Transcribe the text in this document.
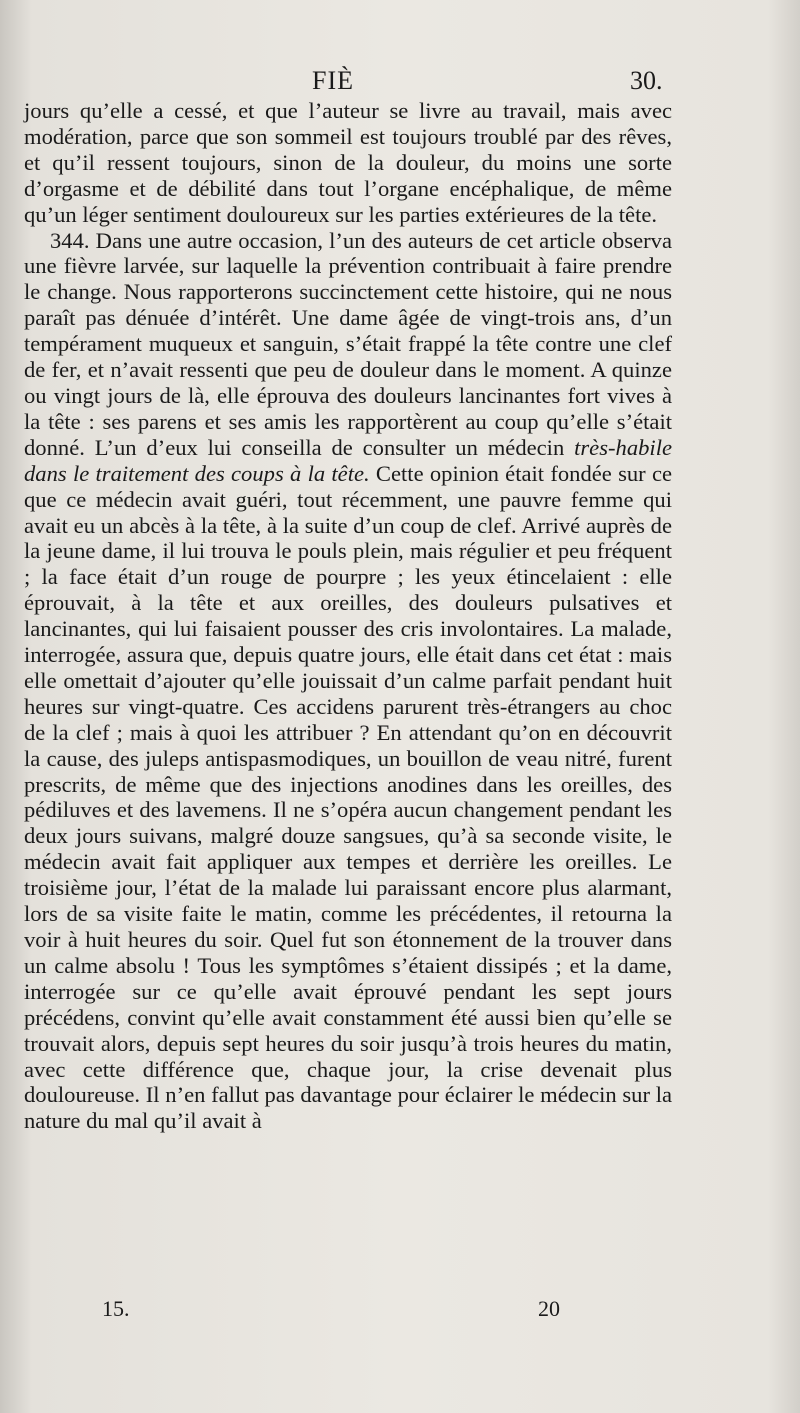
FIÈ	30.

jours qu’elle a cessé, et que l’auteur se livre au travail, mais avec modération, parce que son sommeil est toujours troublé par des rêves, et qu’il ressent toujours, sinon de la douleur, du moins une sorte d’orgasme et de débilité dans tout l’organe encéphalique, de même qu’un léger sentiment douloureux sur les parties extérieures de la tête.

344. Dans une autre occasion, l’un des auteurs de cet article observa une fièvre larvée, sur laquelle la prévention contribuait à faire prendre le change. Nous rapporterons succinctement cette histoire, qui ne nous paraît pas dénuée d’intérêt. Une dame âgée de vingt-trois ans, d’un tempérament muqueux et sanguin, s’était frappé la tête contre une clef de fer, et n’avait ressenti que peu de douleur dans le moment. A quinze ou vingt jours de là, elle éprouva des douleurs lancinantes fort vives à la tête : ses parens et ses amis les rapportèrent au coup qu’elle s’était donné. L’un d’eux lui conseilla de consulter un médecin très-habile dans le traitement des coups à la tête. Cette opinion était fondée sur ce que ce médecin avait guéri, tout récemment, une pauvre femme qui avait eu un abcès à la tête, à la suite d’un coup de clef. Arrivé auprès de la jeune dame, il lui trouva le pouls plein, mais régulier et peu fréquent ; la face était d’un rouge de pourpre ; les yeux étincelaient : elle éprouvait, à la tête et aux oreilles, des douleurs pulsatives et lancinantes, qui lui faisaient pousser des cris involontaires. La malade, interrogée, assura que, depuis quatre jours, elle était dans cet état : mais elle omettait d’ajouter qu’elle jouissait d’un calme parfait pendant huit heures sur vingt-quatre. Ces accidens parurent très-étrangers au choc de la clef ; mais à quoi les attribuer ? En attendant qu’on en découvrit la cause, des juleps antispasmodiques, un bouillon de veau nitré, furent prescrits, de même que des injections anodines dans les oreilles, des pédiluves et des lavemens. Il ne s’opéra aucun changement pendant les deux jours suivans, malgré douze sangsues, qu’à sa seconde visite, le médecin avait fait appliquer aux tempes et derrière les oreilles. Le troisième jour, l’état de la malade lui paraissant encore plus alarmant, lors de sa visite faite le matin, comme les précédentes, il retourna la voir à huit heures du soir. Quel fut son étonnement de la trouver dans un calme absolu ! Tous les symptômes s’étaient dissipés ; et la dame, interrogée sur ce qu’elle avait éprouvé pendant les sept jours précédens, convint qu’elle avait constamment été aussi bien qu’elle se trouvait alors, depuis sept heures du soir jusqu’à trois heures du matin, avec cette différence que, chaque jour, la crise devenait plus douloureuse. Il n’en fallut pas davantage pour éclairer le médecin sur la nature du mal qu’il avait à

15.	20
